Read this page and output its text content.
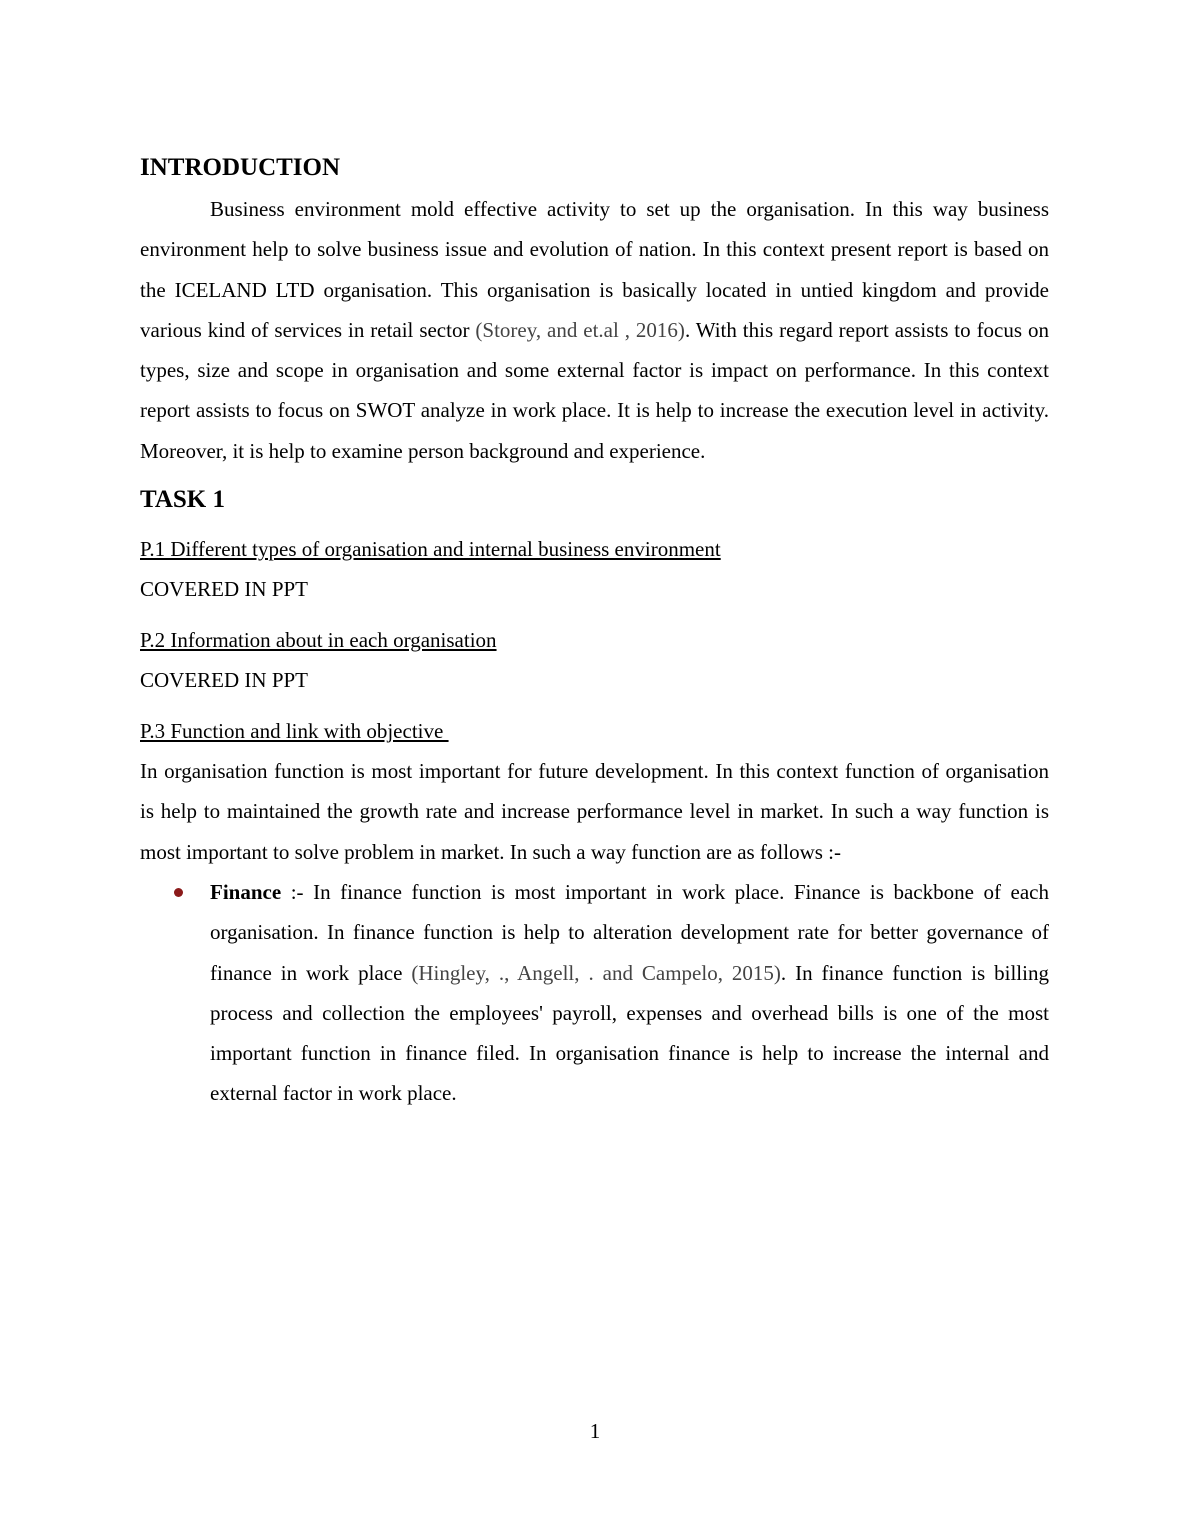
INTRODUCTION

Business environment mold effective activity to set up the organisation. In this way business environment help to solve business issue and evolution of nation. In this context present report is based on the ICELAND LTD organisation. This organisation is basically located in untied kingdom and provide various kind of services in retail sector (Storey, and et.al , 2016). With this regard report assists to focus on types, size and scope in organisation and some external factor is impact on performance. In this context report assists to focus on SWOT analyze in work place. It is help to increase the execution level in activity. Moreover, it is help to examine person background and experience.

TASK 1
P.1 Different types of organisation and internal business environment
COVERED IN PPT
P.2 Information about in each organisation
COVERED IN PPT
P.3 Function and link with objective

In organisation function is most important for future development. In this context function of organisation is help to maintained the growth rate and increase performance level in market. In such a way function is most important to solve problem in market. In such a way function are as follows :-

Finance :- In finance function is most important in work place. Finance is backbone of each organisation. In finance function is help to alteration development rate for better governance of finance in work place (Hingley, ., Angell, . and Campelo, 2015). In finance function is billing process and collection the employees' payroll, expenses and overhead bills is one of the most important function in finance filed. In organisation finance is help to increase the internal and external factor in work place.
1
